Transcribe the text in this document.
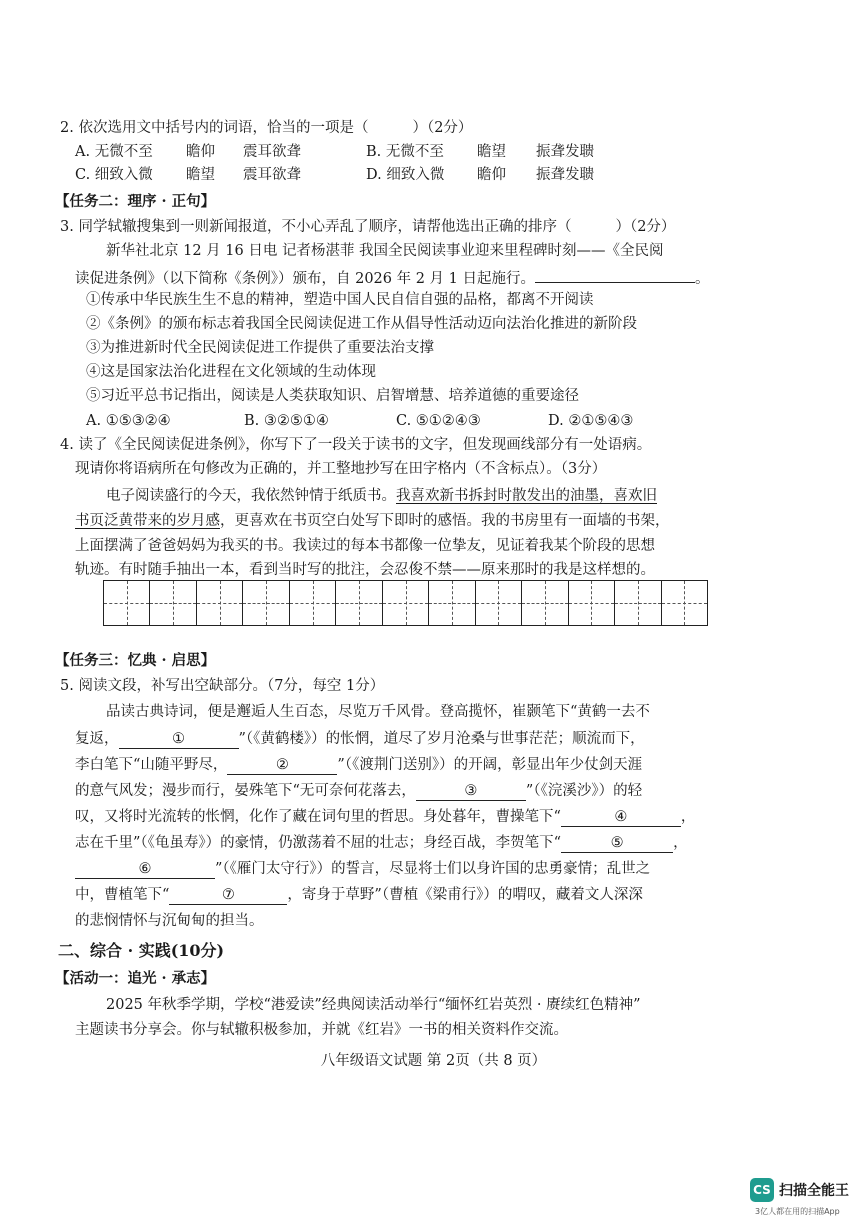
2. 依次选用文中括号内的词语，恰当的一项是（	）（2分）
A. 无微不至 瞻仰 震耳欲聋	B. 无微不至 瞻望 振聋发聩
C. 细致入微 瞻望 震耳欲聋	D. 细致入微 瞻仰 振聋发聩
【任务二：理序 · 正句】
3. 同学轼辙搜集到一则新闻报道，不小心弄乱了顺序，请帮他选出正确的排序（	）（2分）
新华社北京 12 月 16 日电 记者杨湛菲 我国全民阅读事业迎来里程碑时刻——《全民阅
读促进条例》（以下简称《条例》）颁布，自 2026 年 2 月 1 日起施行。	。
①传承中华民族生生不息的精神，塑造中国人民自信自强的品格，都离不开阅读
②《条例》的颁布标志着我国全民阅读促进工作从倡导性活动迈向法治化推进的新阶段
③为推进新时代全民阅读促进工作提供了重要法治支撑
④这是国家法治化进程在文化领域的生动体现
⑤习近平总书记指出，阅读是人类获取知识、启智增慧、培养道德的重要途径
A. ①⑤③②④	B. ③②⑤①④	C. ⑤①②④③	D. ②①⑤④③
4. 读了《全民阅读促进条例》，你写下了一段关于读书的文字，但发现画线部分有一处语病。
现请你将语病所在句修改为正确的，并工整地抄写在田字格内（不含标点）。（3分）
电子阅读盛行的今天，我依然钟情于纸质书。我喜欢新书拆封时散发出的油墨，喜欢旧
书页泛黄带来的岁月感，更喜欢在书页空白处写下即时的感悟。我的书房里有一面墙的书架，
上面摆满了爸爸妈妈为我买的书。我读过的每本书都像一位挚友，见证着我某个阶段的思想
轨迹。有时随手抽出一本，看到当时写的批注，会忍俊不禁——原来那时的我是这样想的。
【任务三：忆典 · 启思】
5. 阅读文段，补写出空缺部分。（7分，每空 1分）
品读古典诗词，便是邂逅人生百态，尽览万千风骨。登高揽怀，崔颢笔下“黄鹤一去不
复返，	①	”（《黄鹤楼》）的怅惘，道尽了岁月沧桑与世事茫茫；顺流而下，
李白笔下“山随平野尽，	②	”（《渡荆门送别》）的开阔，彰显出年少仗剑天涯
的意气风发；漫步而行，晏殊笔下“无可奈何花落去，	③	”（《浣溪沙》）的轻
叹，又将时光流转的怅惘，化作了藏在词句里的哲思。身处暮年，曹操笔下“	④	，
志在千里”（《龟虽寿》）的豪情，仍激荡着不屈的壮志；身经百战，李贺笔下“	⑤	，
⑥	”（《雁门太守行》）的誓言，尽显将士们以身许国的忠勇豪情；乱世之
中，曹植笔下“	⑦	，寄身于草野”（曹植《梁甫行》）的喟叹，藏着文人深深
的悲悯情怀与沉甸甸的担当。
二、综合 · 实践(10分)
【活动一：追光 · 承志】
2025 年秋季学期，学校“港爱读”经典阅读活动举行“缅怀红岩英烈 · 赓续红色精神”
主题读书分享会。你与轼辙积极参加，并就《红岩》一书的相关资料作交流。
八年级语文试题 第 2页（共 8 页）
CS 扫描全能王
3亿人都在用的扫描App
